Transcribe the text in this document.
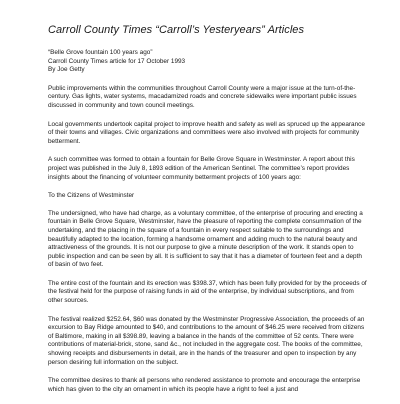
Carroll County Times “Carroll’s Yesteryears” Articles
“Belle Grove fountain 100 years ago”
Carroll County Times article for 17 October 1993
By Joe Getty

Public improvements within the communities throughout Carroll County were a major issue at the turn-of-the-century. Gas lights, water systems, macadamized roads and concrete sidewalks were important public issues discussed in community and town council meetings.

Local governments undertook capital project to improve health and safety as well as spruced up the appearance of their towns and villages. Civic organizations and committees were also involved with projects for community betterment.

A such committee was formed to obtain a fountain for Belle Grove Square in Westminster. A report about this project was published in the July 8, 1893 edition of the American Sentinel. The committee’s report provides insights about the financing of volunteer community betterment projects of 100 years ago:

To the Citizens of Westminster

The undersigned, who have had charge, as a voluntary committee, of the enterprise of procuring and erecting a fountain in Belle Grove Square, Westminster, have the pleasure of reporting the complete consummation of the undertaking, and the placing in the square of a fountain in every respect suitable to the surroundings and beautifully adapted to the location, forming a handsome ornament and adding much to the natural beauty and attractiveness of the grounds. It is not our purpose to give a minute description of the work. It stands open to public inspection and can be seen by all. It is sufficient to say that it has a diameter of fourteen feet and a depth of basin of two feet.

The entire cost of the fountain and its erection was $398.37, which has been fully provided for by the proceeds of the festival held for the purpose of raising funds in aid of the enterprise, by individual subscriptions, and from other sources.

The festival realized $252.64, $60 was donated by the Westminster Progressive Association, the proceeds of an excursion to Bay Ridge amounted to $40, and contributions to the amount of $46.25 were received from citizens of Baltimore, making in all $398.89, leaving a balance in the hands of the committee of 52 cents. There were contributions of material-brick, stone, sand &c., not included in the aggregate cost. The books of the committee, showing receipts and disbursements in detail, are in the hands of the treasurer and open to inspection by any person desiring full information on the subject.

The committee desires to thank all persons who rendered assistance to promote and encourage the enterprise which has given to the city an ornament in which its people have a right to feel a just and
